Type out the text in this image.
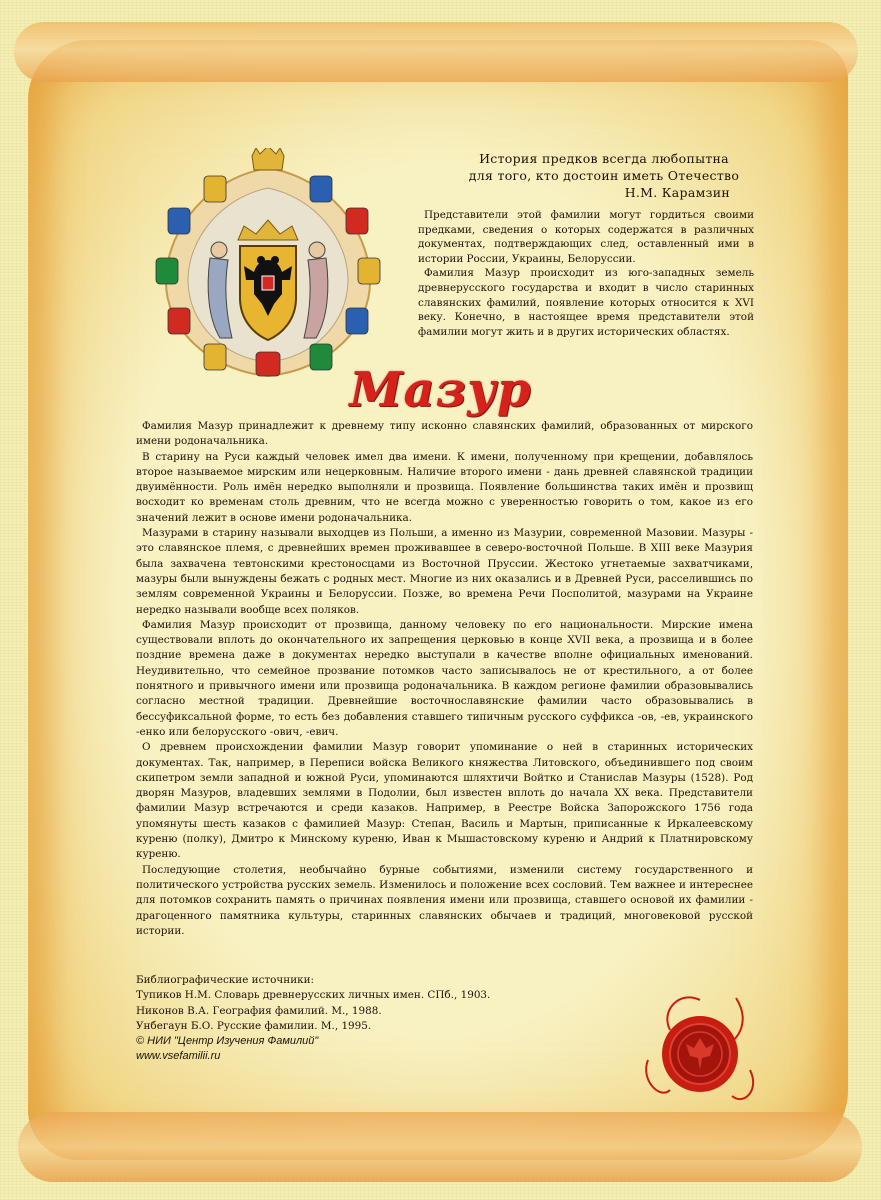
История предков всегда любопытна
для того, кто достоин иметь Отечество
Н.М. Карамзин

Представители этой фамилии могут гордиться своими предками, сведения о которых содержатся в различных документах, подтверждающих след, оставленный ими в истории России, Украины, Белоруссии.

Фамилия Мазур происходит из юго-западных земель древнерусского государства и входит в число старинных славянских фамилий, появление которых относится к XVI веку. Конечно, в настоящее время представители этой фамилии могут жить и в других исторических областях.

Мазур

Фамилия Мазур принадлежит к древнему типу исконно славянских фамилий, образованных от мирского имени родоначальника.

В старину на Руси каждый человек имел два имени. К имени, полученному при крещении, добавлялось второе называемое мирским или нецерковным. Наличие второго имени - дань древней славянской традиции двуимённости. Роль имён нередко выполняли и прозвища. Появление большинства таких имён и прозвищ восходит ко временам столь древним, что не всегда можно с уверенностью говорить о том, какое из его значений лежит в основе имени родоначальника.

Мазурами в старину называли выходцев из Польши, а именно из Мазурии, современной Мазовии. Мазуры - это славянское племя, с древнейших времен проживавшее в северо-восточной Польше. В XIII веке Мазурия была захвачена тевтонскими крестоносцами из Восточной Пруссии. Жестоко угнетаемые захватчиками, мазуры были вынуждены бежать с родных мест. Многие из них оказались и в Древней Руси, расселившись по землям современной Украины и Белоруссии. Позже, во времена Речи Посполитой, мазурами на Украине нередко называли вообще всех поляков.

Фамилия Мазур происходит от прозвища, данному человеку по его национальности. Мирские имена существовали вплоть до окончательного их запрещения церковью в конце XVII века, а прозвища и в более поздние времена даже в документах нередко выступали в качестве вполне официальных именований. Неудивительно, что семейное прозвание потомков часто записывалось не от крестильного, а от более понятного и привычного имени или прозвища родоначальника. В каждом регионе фамилии образовывались согласно местной традиции. Древнейшие восточнославянские фамилии часто образовывались в бессуфиксальной форме, то есть без добавления ставшего типичным русского суффикса -ов, -ев, украинского -енко или белорусского -ович, -евич.

О древнем происхождении фамилии Мазур говорит упоминание о ней в старинных исторических документах. Так, например, в Переписи войска Великого княжества Литовского, объединившего под своим скипетром земли западной и южной Руси, упоминаются шляхтичи Войтко и Станислав Мазуры (1528). Род дворян Мазуров, владевших землями в Подолии, был известен вплоть до начала XX века. Представители фамилии Мазур встречаются и среди казаков. Например, в Реестре Войска Запорожского 1756 года упомянуты шесть казаков с фамилией Мазур: Степан, Василь и Мартын, приписанные к Иркалеевскому куреню (полку), Дмитро к Минскому куреню, Иван к Мышастовскому куреню и Андрий к Платнировскому куреню.

Последующие столетия, необычайно бурные событиями, изменили систему государственного и политического устройства русских земель. Изменилось и положение всех сословий. Тем важнее и интереснее для потомков сохранить память о причинах появления имени или прозвища, ставшего основой их фамилии - драгоценного памятника культуры, старинных славянских обычаев и традиций, многовековой русской истории.

Библиографические источники:
Тупиков Н.М. Словарь древнерусских личных имен. СПб., 1903.
Никонов В.А. География фамилий. М., 1988.
Унбегаун Б.О. Русские фамилии. М., 1995.
© НИИ "Центр Изучения Фамилий"
www.vsefamilii.ru
